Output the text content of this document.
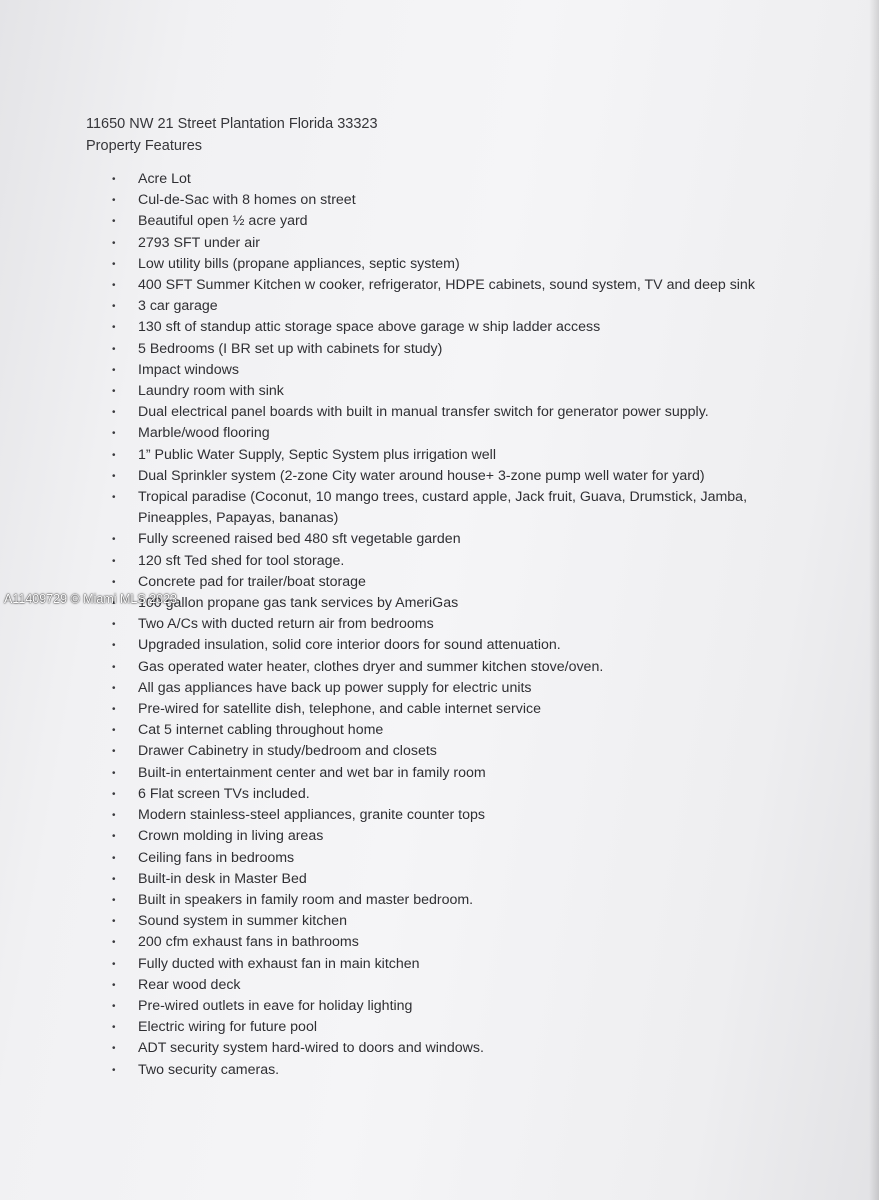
11650 NW 21 Street Plantation Florida 33323
Property Features
• Acre Lot
• Cul-de-Sac with 8 homes on street
• Beautiful open ½ acre yard
• 2793 SFT under air
• Low utility bills (propane appliances, septic system)
• 400 SFT Summer Kitchen w cooker, refrigerator, HDPE cabinets, sound system, TV and deep sink
• 3 car garage
• 130 sft of standup attic storage space above garage w ship ladder access
• 5 Bedrooms (I BR set up with cabinets for study)
• Impact windows
• Laundry room with sink
• Dual electrical panel boards with built in manual transfer switch for generator power supply.
• Marble/wood flooring
• 1” Public Water Supply, Septic System plus irrigation well
• Dual Sprinkler system (2-zone City water around house+ 3-zone pump well water for yard)
• Tropical paradise (Coconut, 10 mango trees, custard apple, Jack fruit, Guava, Drumstick, Jamba, Pineapples, Papayas, bananas)
• Fully screened raised bed 480 sft vegetable garden
• 120 sft Ted shed for tool storage.
• Concrete pad for trailer/boat storage
• 100 gallon propane gas tank services by AmeriGas
• Two A/Cs with ducted return air from bedrooms
• Upgraded insulation, solid core interior doors for sound attenuation.
• Gas operated water heater, clothes dryer and summer kitchen stove/oven.
• All gas appliances have back up power supply for electric units
• Pre-wired for satellite dish, telephone, and cable internet service
• Cat 5 internet cabling throughout home
• Drawer Cabinetry in study/bedroom and closets
• Built-in entertainment center and wet bar in family room
• 6 Flat screen TVs included.
• Modern stainless-steel appliances, granite counter tops
• Crown molding in living areas
• Ceiling fans in bedrooms
• Built-in desk in Master Bed
• Built in speakers in family room and master bedroom.
• Sound system in summer kitchen
• 200 cfm exhaust fans in bathrooms
• Fully ducted with exhaust fan in main kitchen
• Rear wood deck
• Pre-wired outlets in eave for holiday lighting
• Electric wiring for future pool
• ADT security system hard-wired to doors and windows.
• Two security cameras.
A11409729 © Miami MLS 2023
